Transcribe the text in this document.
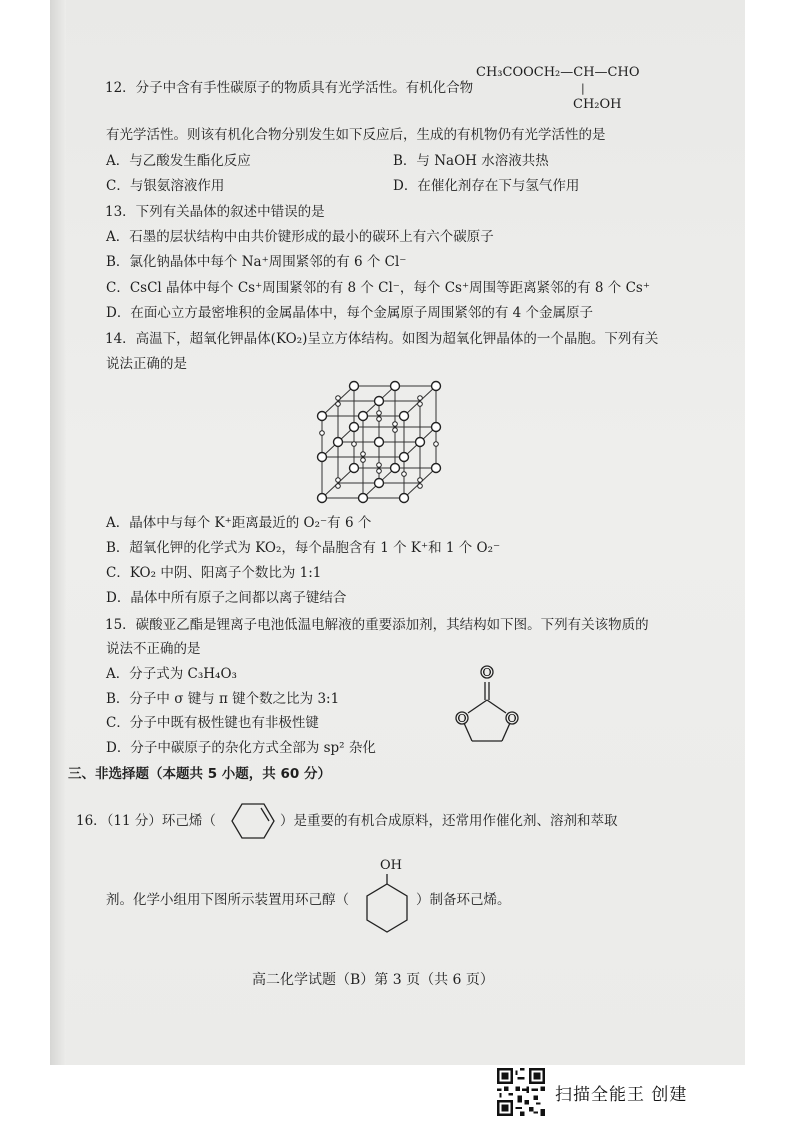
12．分子中含有手性碳原子的物质具有光学活性。有机化合物
CH₃COOCH₂—CH—CHO
|
CH₂OH
有光学活性。则该有机化合物分别发生如下反应后，生成的有机物仍有光学活性的是
A．与乙酸发生酯化反应	B．与 NaOH 水溶液共热
C．与银氨溶液作用	D．在催化剂存在下与氢气作用
13．下列有关晶体的叙述中错误的是
A．石墨的层状结构中由共价键形成的最小的碳环上有六个碳原子
B．氯化钠晶体中每个 Na⁺周围紧邻的有 6 个 Cl⁻
C．CsCl 晶体中每个 Cs⁺周围紧邻的有 8 个 Cl⁻，每个 Cs⁺周围等距离紧邻的有 8 个 Cs⁺
D．在面心立方最密堆积的金属晶体中，每个金属原子周围紧邻的有 4 个金属原子
14．高温下，超氧化钾晶体(KO₂)呈立方体结构。如图为超氧化钾晶体的一个晶胞。下列有关
说法正确的是
A．晶体中与每个 K⁺距离最近的 O₂⁻有 6 个
B．超氧化钾的化学式为 KO₂，每个晶胞含有 1 个 K⁺和 1 个 O₂⁻
C．KO₂ 中阴、阳离子个数比为 1:1
D．晶体中所有原子之间都以离子键结合
15．碳酸亚乙酯是锂离子电池低温电解液的重要添加剂，其结构如下图。下列有关该物质的
说法不正确的是
A．分子式为 C₃H₄O₃
B．分子中 σ 键与 π 键个数之比为 3:1
C．分子中既有极性键也有非极性键
D．分子中碳原子的杂化方式全部为 sp² 杂化
O
O	O
三、非选择题（本题共 5 小题，共 60 分）
16．（11 分）环己烯（	）是重要的有机合成原料，还常用作催化剂、溶剂和萃取
剂。化学小组用下图所示装置用环己醇（
OH
）制备环己烯。
高二化学试题（B）第 3 页（共 6 页）
扫描全能王 创建
